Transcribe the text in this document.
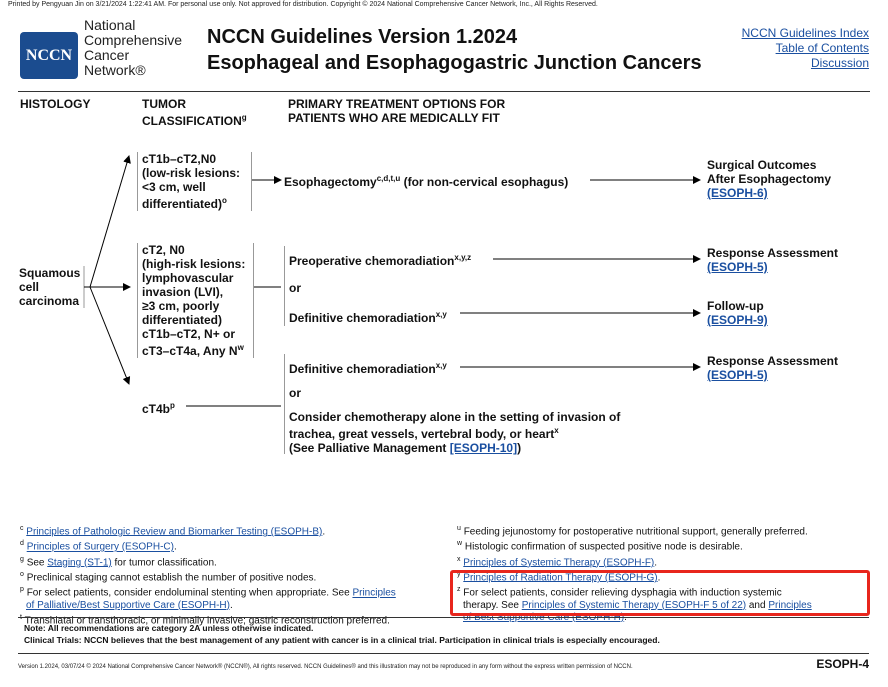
Printed by Pengyuan Jin on 3/21/2024 1:22:41 AM. For personal use only. Not approved for distribution. Copyright © 2024 National Comprehensive Cancer Network, Inc., All Rights Reserved.
NCCN
National
Comprehensive
Cancer
Network®
NCCN Guidelines Version 1.2024
Esophageal and Esophagogastric Junction Cancers
NCCN Guidelines Index
Table of Contents
Discussion
HISTOLOGY	TUMOR
CLASSIFICATION$^g$
PRIMARY TREATMENT OPTIONS FOR
PATIENTS WHO ARE MEDICALLY FIT
Squamous
cell
carcinoma
cT1b–cT2,N0
(low-risk lesions:
<3 cm, well
differentiated)$^o$
Esophagectomy$^{c,d,t,u}$ (for non-cervical esophagus)
Surgical Outcomes
After Esophagectomy
(ESOPH-6)
cT2, N0
(high-risk lesions:
lymphovascular
invasion (LVI),
≥3 cm, poorly
differentiated)
cT1b–cT2, N+ or
cT3–cT4a, Any $N^w$
Preoperative chemoradiation$^{x,y,z}$
or
Definitive chemoradiation$^{x,y}$
Response Assessment
(ESOPH-5)
Follow-up
(ESOPH-9)
$cT4b^p$
Definitive chemoradiation$^{x,y}$
or
Consider chemotherapy alone in the setting of invasion of
trachea, great vessels, vertebral body, or heart$^x$
(See Palliative Management [ESOPH-10])
Response Assessment
(ESOPH-5)
$^c$ Principles of Pathologic Review and Biomarker Testing (ESOPH-B).
$^d$ Principles of Surgery (ESOPH-C).
$^g$ See Staging (ST-1) for tumor classification.
$^o$ Preclinical staging cannot establish the number of positive nodes.
$^p$ For select patients, consider endoluminal stenting when appropriate. See Principles
of Palliative/Best Supportive Care (ESOPH-H).
$^t$ Transhiatal or transthoracic, or minimally invasive; gastric reconstruction preferred.
$^u$ Feeding jejunostomy for postoperative nutritional support, generally preferred.
$^w$ Histologic confirmation of suspected positive node is desirable.
$^x$ Principles of Systemic Therapy (ESOPH-F).
$^y$ Principles of Radiation Therapy (ESOPH-G).
$^z$ For select patients, consider relieving dysphagia with induction systemic
therapy. See Principles of Systemic Therapy (ESOPH-F 5 of 22) and Principles
of Best Supportive Care (ESOPH-H).
Note: All recommendations are category 2A unless otherwise indicated.
Clinical Trials: NCCN believes that the best management of any patient with cancer is in a clinical trial. Participation in clinical trials is especially encouraged.
Version 1.2024, 03/07/24 © 2024 National Comprehensive Cancer Network® (NCCN®), All rights reserved. NCCN Guidelines® and this illustration may not be reproduced in any form without the express written permission of NCCN.	ESOPH-4
